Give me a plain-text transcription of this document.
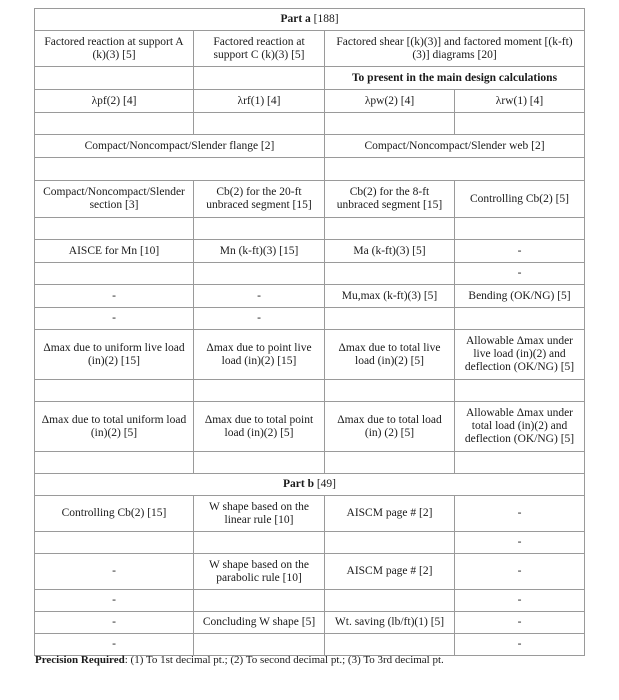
Part a [188]			
Factored reaction at support A (k)(3) [5]	Factored reaction at support C (k)(3) [5]	Factored shear [(k)(3)] and factored moment [(k-ft)(3)] diagrams [20]	
		To present in the main design calculations	
λpf(2) [4]	λrf(1) [4]	λpw(2) [4]	λrw(1) [4]

Compact/Noncompact/Slender flange [2]		Compact/Noncompact/Slender web [2]	

Compact/Noncompact/Slender section [3]	Cb(2) for the 20-ft unbraced segment [15]	Cb(2) for the 8-ft unbraced segment [15]	Controlling Cb(2) [5]

AISCE for Mn [10]	Mn (k-ft)(3) [15]	Ma (k-ft)(3) [5]	-
			-
-	-	Mu,max (k-ft)(3) [5]	Bending (OK/NG) [5]
-	-		
Δmax due to uniform live load (in)(2) [15]	Δmax due to point live load (in)(2) [15]	Δmax due to total live load (in)(2) [5]	Allowable Δmax under live load (in)(2) and deflection (OK/NG) [5]

Δmax due to total uniform load (in)(2) [5]	Δmax due to total point load (in)(2) [5]	Δmax due to total load (in) (2) [5]	Allowable Δmax under total load (in)(2) and deflection (OK/NG) [5]

Part b [49]			
Controlling Cb(2) [15]	W shape based on the linear rule [10]	AISCM page # [2]	-
			-
-	W shape based on the parabolic rule [10]	AISCM page # [2]	-
-			-
-	Concluding W shape [5]	Wt. saving (lb/ft)(1) [5]	-
-			-
Precision Required: (1) To 1st decimal pt.; (2) To second decimal pt.; (3) To 3rd decimal pt.
